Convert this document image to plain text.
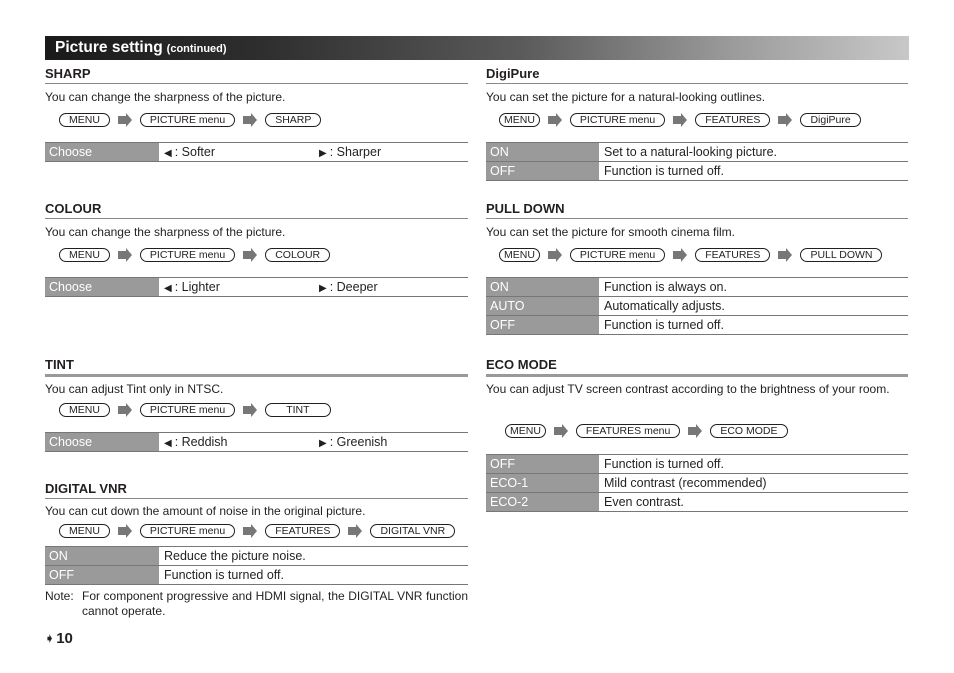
Picture setting (continued)
SHARP
You can change the sharpness of the picture.
MENU	PICTURE menu	SHARP
Choose	◀ : Softer	▶ : Sharper
COLOUR
You can change the sharpness of the picture.
MENU	PICTURE menu	COLOUR
Choose	◀ : Lighter	▶ : Deeper
TINT
You can adjust Tint only in NTSC.
MENU	PICTURE menu	TINT
Choose	◀ : Reddish	▶ : Greenish
DIGITAL VNR
You can cut down the amount of noise in the original picture.
MENU	PICTURE menu	FEATURES	DIGITAL VNR
ON	Reduce the picture noise.
OFF	Function is turned off.
Note: For component progressive and HDMI signal, the DIGITAL VNR function cannot operate.
DigiPure
You can set the picture for a natural-looking outlines.
MENU	PICTURE menu	FEATURES	DigiPure
ON	Set to a natural-looking picture.
OFF	Function is turned off.
PULL DOWN
You can set the picture for smooth cinema film.
MENU	PICTURE menu	FEATURES	PULL DOWN
ON	Function is always on.
AUTO	Automatically adjusts.
OFF	Function is turned off.
ECO MODE
You can adjust TV screen contrast according to the brightness of your room.
MENU	FEATURES menu	ECO MODE
OFF	Function is turned off.
ECO-1	Mild contrast (recommended)
ECO-2	Even contrast.
➧ 10
